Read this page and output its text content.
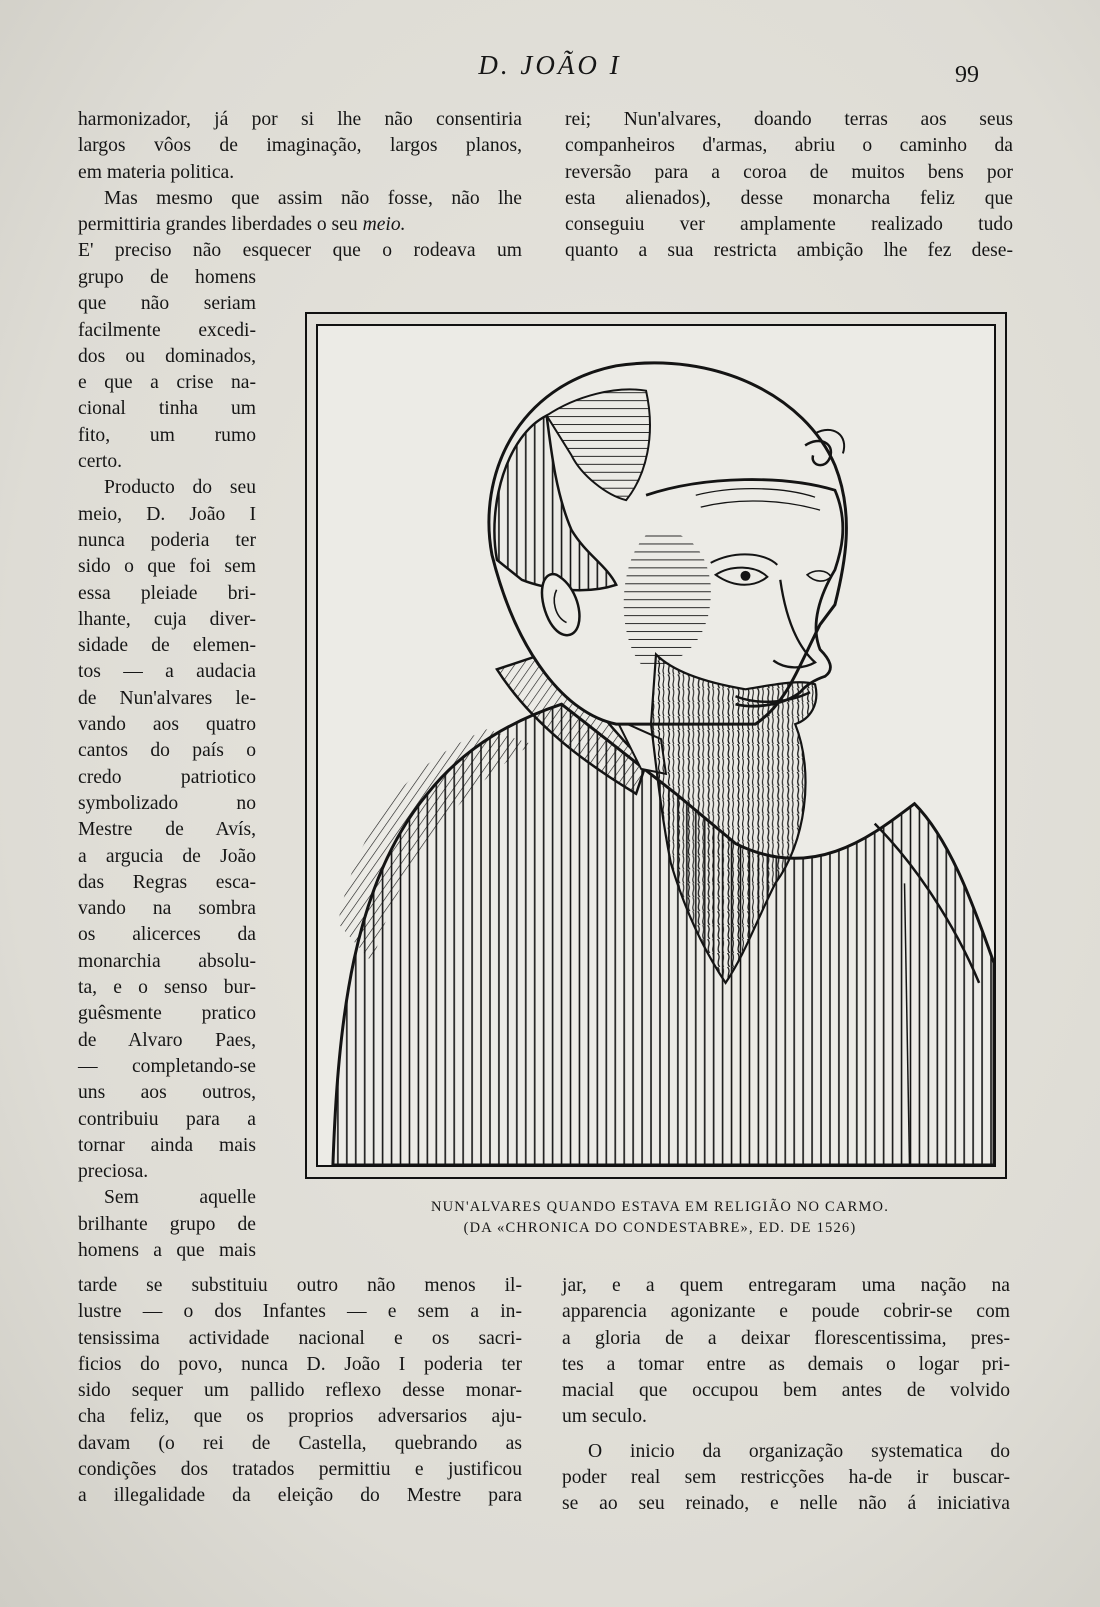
D. JOÃO I	99

harmonizador, já por si lhe não consentiria

largos vôos de imaginação, largos planos,

em materia politica.

Mas mesmo que assim não fosse, não lhe

permittiria grandes liberdades o seu meio.

E' preciso não esquecer que o rodeava um

grupo de homens

que não seriam

facilmente excedi-

dos ou dominados,

e que a crise na-

cional tinha um

fito, um rumo

certo.

Producto do seu

meio, D. João I

nunca poderia ter

sido o que foi sem

essa pleiade bri-

lhante, cuja diver-

sidade de elemen-

tos — a audacia

de Nun'alvares le-

vando aos quatro

cantos do país o

credo patriotico

symbolizado no

Mestre de Avís,

a argucia de João

das Regras esca-

vando na sombra

os alicerces da

monarchia absolu-

ta, e o senso bur-

guêsmente pratico

de Alvaro Paes,

— completando-se

uns aos outros,

contribuiu para a

tornar ainda mais

preciosa.

Sem aquelle

brilhante grupo de

homens a que mais

tarde se substituiu outro não menos il-

lustre — o dos Infantes — e sem a in-

tensissima actividade nacional e os sacri-

ficios do povo, nunca D. João I poderia ter

sido sequer um pallido reflexo desse monar-

cha feliz, que os proprios adversarios aju-

davam (o rei de Castella, quebrando as

condições dos tratados permittiu e justificou

a illegalidade da eleição do Mestre para

rei; Nun'alvares, doando terras aos seus

companheiros d'armas, abriu o caminho da

reversão para a coroa de muitos bens por

esta alienados), desse monarcha feliz que

conseguiu ver amplamente realizado tudo

quanto a sua restricta ambição lhe fez dese-

NUN'ALVARES QUANDO ESTAVA EM RELIGIÃO NO CARMO.
(DA «CHRONICA DO CONDESTABRE», ED. DE 1526)

jar, e a quem entregaram uma nação na

apparencia agonizante e poude cobrir-se com

a gloria de a deixar florescentissima, pres-

tes a tomar entre as demais o logar pri-

macial que occupou bem antes de volvido

um seculo.

O inicio da organização systematica do

poder real sem restricções ha-de ir buscar-

se ao seu reinado, e nelle não á iniciativa
